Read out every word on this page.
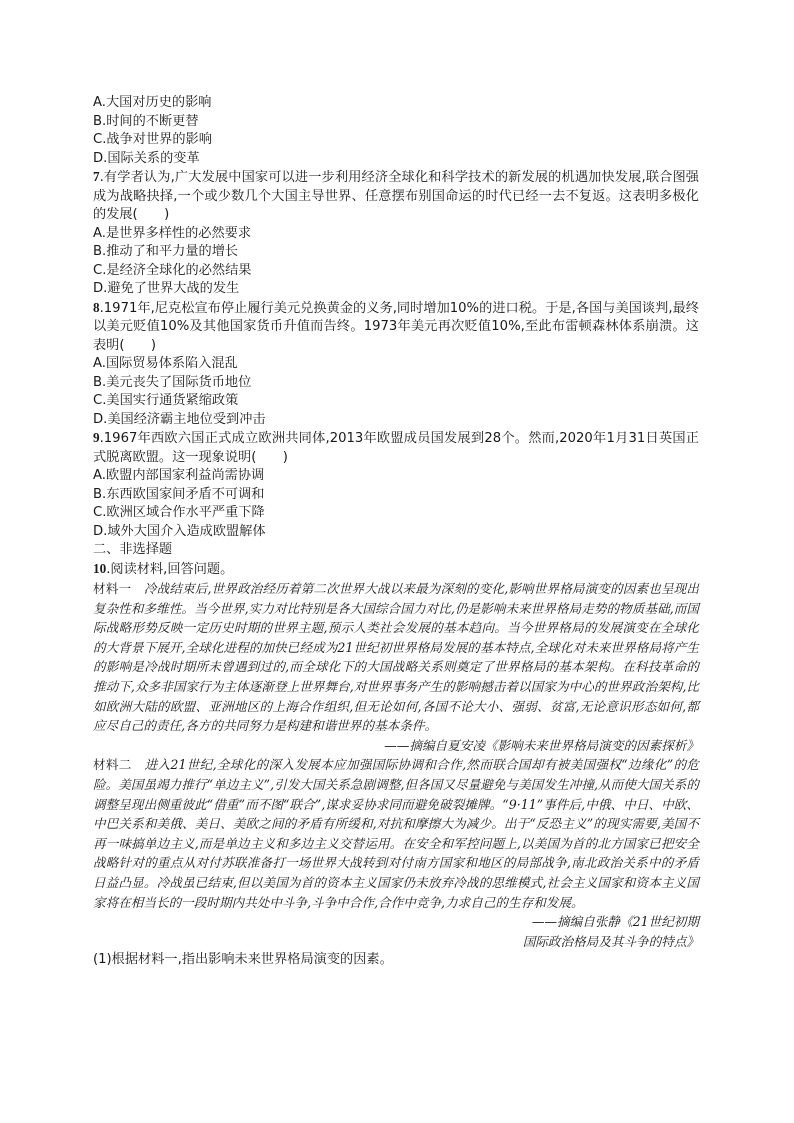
A.大国对历史的影响
B.时间的不断更替
C.战争对世界的影响
D.国际关系的变革
7.有学者认为,广大发展中国家可以进一步利用经济全球化和科学技术的新发展的机遇加快发展,联合图强成为战略抉择,一个或少数几个大国主导世界、任意摆布别国命运的时代已经一去不复返。这表明多极化的发展(　　)
A.是世界多样性的必然要求
B.推动了和平力量的增长
C.是经济全球化的必然结果
D.避免了世界大战的发生
8.1971年,尼克松宣布停止履行美元兑换黄金的义务,同时增加10%的进口税。于是,各国与美国谈判,最终以美元贬值10%及其他国家货币升值而告终。1973年美元再次贬值10%,至此布雷顿森林体系崩溃。这表明(　　)
A.国际贸易体系陷入混乱
B.美元丧失了国际货币地位
C.美国实行通货紧缩政策
D.美国经济霸主地位受到冲击
9.1967年西欧六国正式成立欧洲共同体,2013年欧盟成员国发展到28个。然而,2020年1月31日英国正式脱离欧盟。这一现象说明(　　)
A.欧盟内部国家利益尚需协调
B.东西欧国家间矛盾不可调和
C.欧洲区域合作水平严重下降
D.域外大国介入造成欧盟解体
二、非选择题
10.阅读材料,回答问题。
材料一　冷战结束后,世界政治经历着第二次世界大战以来最为深刻的变化,影响世界格局演变的因素也呈现出复杂性和多维性。当今世界,实力对比特别是各大国综合国力对比,仍是影响未来世界格局走势的物质基础,而国际战略形势反映一定历史时期的世界主题,预示人类社会发展的基本趋向。当今世界格局的发展演变在全球化的大背景下展开,全球化进程的加快已经成为21世纪初世界格局发展的基本特点,全球化对未来世界格局将产生的影响是冷战时期所未曾遇到过的,而全球化下的大国战略关系则奠定了世界格局的基本架构。在科技革命的推动下,众多非国家行为主体逐渐登上世界舞台,对世界事务产生的影响撼击着以国家为中心的世界政治架构,比如欧洲大陆的欧盟、亚洲地区的上海合作组织,但无论如何,各国不论大小、强弱、贫富,无论意识形态如何,都应尽自己的责任,各方的共同努力是构建和谐世界的基本条件。
——摘编自夏安凌《影响未来世界格局演变的因素探析》
材料二　进入21世纪,全球化的深入发展本应加强国际协调和合作,然而联合国却有被美国强权“边缘化”的危险。美国虽竭力推行“单边主义”,引发大国关系急剧调整,但各国又尽量避免与美国发生冲撞,从而使大国关系的调整呈现出侧重彼此“借重”而不图“联合”,谋求妥协求同而避免破裂摊牌。“9·11”事件后,中俄、中日、中欧、中巴关系和美俄、美日、美欧之间的矛盾有所缓和,对抗和摩擦大为减少。出于“反恐主义”的现实需要,美国不再一味搞单边主义,而是单边主义和多边主义交替运用。在安全和军控问题上,以美国为首的北方国家已把安全战略针对的重点从对付苏联准备打一场世界大战转到对付南方国家和地区的局部战争,南北政治关系中的矛盾日益凸显。冷战虽已结束,但以美国为首的资本主义国家仍未放弃冷战的思维模式,社会主义国家和资本主义国家将在相当长的一段时期内共处中斗争,斗争中合作,合作中竞争,力求自己的生存和发展。
——摘编自张静《21世纪初期
国际政治格局及其斗争的特点》
(1)根据材料一,指出影响未来世界格局演变的因素。
